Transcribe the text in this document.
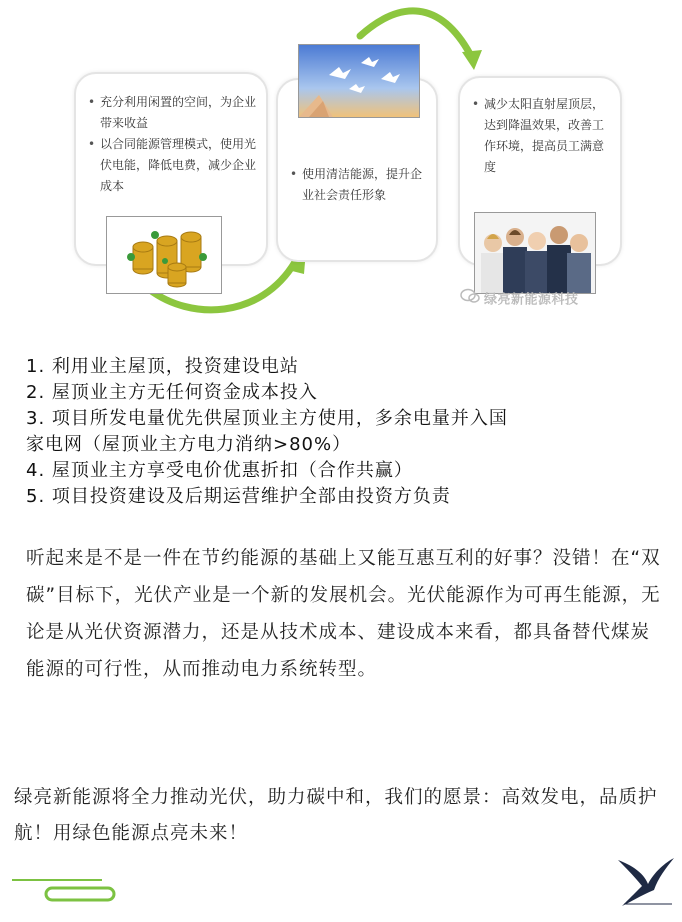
• 充分利用闲置的空间，为企业带来收益
• 以合同能源管理模式，使用光伏电能，降低电费，减少企业成本
• 使用清洁能源，提升企业社会责任形象
• 减少太阳直射屋顶层，达到降温效果，改善工作环境，提高员工满意度
绿亮新能源科技
1. 利用业主屋顶，投资建设电站
2. 屋顶业主方无任何资金成本投入
3. 项目所发电量优先供屋顶业主方使用，多余电量并入国
家电网（屋顶业主方电力消纳>80%）
4. 屋顶业主方享受电价优惠折扣（合作共赢）
5. 项目投资建设及后期运营维护全部由投资方负责
听起来是不是一件在节约能源的基础上又能互惠互利的好事？没错！在“双碳”目标下，光伏产业是一个新的发展机会。光伏能源作为可再生能源，无论是从光伏资源潜力，还是从技术成本、建设成本来看，都具备替代煤炭能源的可行性，从而推动电力系统转型。
绿亮新能源将全力推动光伏，助力碳中和，我们的愿景：高效发电，品质护航！用绿色能源点亮未来！
